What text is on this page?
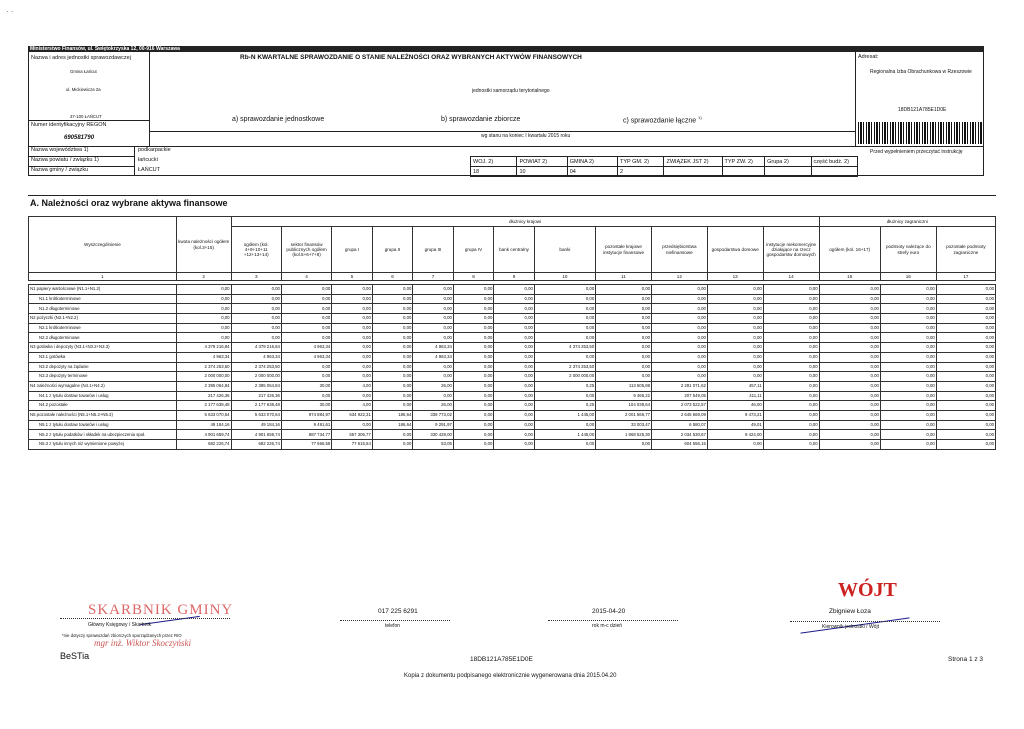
· ·
Ministerstwo Finansów, ul. Świętokrzyska 12, 00-916 Warszawa
Nazwa i adres jednostki sprawozdawczej
Gmina Łańcut
ul. Mickiewicza 2a
37-100 ŁAŃCUT
Numer identyfikacyjny REGON
690581790
Nazwa województwa 1)	podkarpackie
Nazwa powiatu / związku 1)	łańcucki
Nazwa gminy / związku	ŁAŃCUT
Rb-N KWARTALNE SPRAWOZDANIE O STANIE NALEŻNOŚCI ORAZ WYBRANYCH AKTYWÓW FINANSOWYCH
jednostki samorządu terytorialnego
a) sprawozdanie jednostkowe	b) sprawozdanie zbiorcze	c) sprawozdanie łączne $^{1)}$
wg stanu na koniec I kwartału 2015 roku
Adresat:
Regionalna Izba Obrachunkowa w Rzeszowie
18DB121A785E1D0E
Przed wypełnieniem przeczytać instrukcję
WOJ. 2)	POWIAT 2)	GMINA 2)	TYP GM. 2)	ZWIĄZEK JST 2)	TYP ZW. 2)	Grupa 2)	część budż. 2)
18	10	04	2				
A. Należności oraz wybrane aktywa finansowe
Wyszczególnienie	kwota należności ogółem (kol.3+15)	dłużnicy krajowi												dłużnicy zagraniczni		
		ogółem (kol. 4+9+10+11 +12+13+14)	sektor finansów publicznych ogółem (kol.5+6+7+8)	grupa I	grupa II	grupa III	grupa IV	bank centralny	banki	pozostałe krajowe instytucje finansowe	przedsiębiorstwa niefinansowe	gospodarstwa domowe	instytucje niekomercyjne działające na rzecz gospodarstw domowych	ogółem (kol. 16+17)	podmioty należące do strefy euro	pozostałe podmioty zagraniczne
1	2	3	4	5	6	7	8	9	10	11	12	13	14	15	16	17
N1 papiery wartościowe (N1.1+N1.2)	0,00	0,00	0,00	0,00	0,00	0,00	0,00	0,00	0,00	0,00	0,00	0,00	0,00	0,00	0,00	0,00
N1.1 krótkoterminowe	0,00	0,00	0,00	0,00	0,00	0,00	0,00	0,00	0,00	0,00	0,00	0,00	0,00	0,00	0,00	0,00
N1.2 długoterminowe	0,00	0,00	0,00	0,00	0,00	0,00	0,00	0,00	0,00	0,00	0,00	0,00	0,00	0,00	0,00	0,00
N2 pożyczki (N2.1+N2.2)	0,00	0,00	0,00	0,00	0,00	0,00	0,00	0,00	0,00	0,00	0,00	0,00	0,00	0,00	0,00	0,00
N2.1 krótkoterminowe	0,00	0,00	0,00	0,00	0,00	0,00	0,00	0,00	0,00	0,00	0,00	0,00	0,00	0,00	0,00	0,00
N2.2 długoterminowe	0,00	0,00	0,00	0,00	0,00	0,00	0,00	0,00	0,00	0,00	0,00	0,00	0,00	0,00	0,00	0,00
N3 gotówka i depozyty (N3.1+N3.2+N3.3)	4 379 216,84	4 379 216,84	4 963,34	0,00	0,00	4 963,34	0,00	0,00	4 374 253,50	0,00	0,00	0,00	0,00	0,00	0,00	0,00
N3.1 gotówka	4 963,34	4 963,34	4 963,34	0,00	0,00	4 963,34	0,00	0,00	0,00	0,00	0,00	0,00	0,00	0,00	0,00	0,00
N3.2 depozyty na żądanie	2 374 253,50	2 374 253,50	0,00	0,00	0,00	0,00	0,00	0,00	2 374 253,50	0,00	0,00	0,00	0,00	0,00	0,00	0,00
N3.3 depozyty terminowe	2 000 000,00	2 000 000,00	0,00	0,00	0,00	0,00	0,00	0,00	2 000 000,00	0,00	0,00	0,00	0,00	0,00	0,00	0,00
N4 należności wymagalne (N4.1+N4.2)	2 395 064,84	2 395 064,84	30,00	4,00	0,00	26,00	0,00	0,00	0,25	113 505,88	2 281 071,62	457,11	0,00	0,00	0,00	0,00
N4.1 z tytułu dostaw towarów i usług	217 426,36	217 426,36	0,00	0,00	0,00	0,00	0,00	0,00	0,00	9 466,22	207 549,05	411,11	0,00	0,00	0,00	0,00
N4.2 pozostałe	2 177 638,48	2 177 638,48	30,00	4,00	0,00	26,00	0,00	0,00	0,25	104 039,64	2 073 522,57	46,00	0,00	0,00	0,00	0,00
N5 pozostałe należności (N5.1+N5.2+N5.3)	5 633 070,64	5 633 070,64	974 884,97	634 922,31	186,64	339 773,02	0,00	0,00	1 445,00	2 001 566,77	2 645 669,09	9 473,21	0,00	0,00	0,00	0,00
N5.1 z tytułu dostaw towarów i usług	49 184,16	49 184,16	9 491,61	0,00	186,64	9 291,97	0,00	0,00	0,00	33 003,47	6 580,07	49,01	0,00	0,00	0,00	0,00
N5.2 z tytułu podatków i składek na ubezpieczenia społ.	4 901 659,74	4 901 659,74	887 734,77	557 306,77	0,00	330 428,00	0,00	0,00	1 445,00	1 968 525,30	2 034 530,67	9 424,00	0,00	0,00	0,00	0,00
N5.3 z tytułu innych niż wymienione powyżej	682 226,74	682 226,74	77 666,59	77 615,54	0,00	53,05	0,00	0,00	0,00	0,00	604 556,15	0,00	0,00	0,00	0,00	0,00
SKARBNIK GMINY
Główny Księgowy / Skarbnik
*nie dotyczy sprawozdań zbiorczych sporządzanych przez RIO
mgr inż. Wiktor Skoczyński
BeSTia
017 225 6291
telefon
2015-04-20
rok m-c dzień
WÓJT
Zbigniew Łoza
Kierownik jednostki / Wójt
18DB121A785E1D0E	Strona 1 z 3
Kopia z dokumentu podpisanego elektronicznie wygenerowana dnia 2015.04.20
